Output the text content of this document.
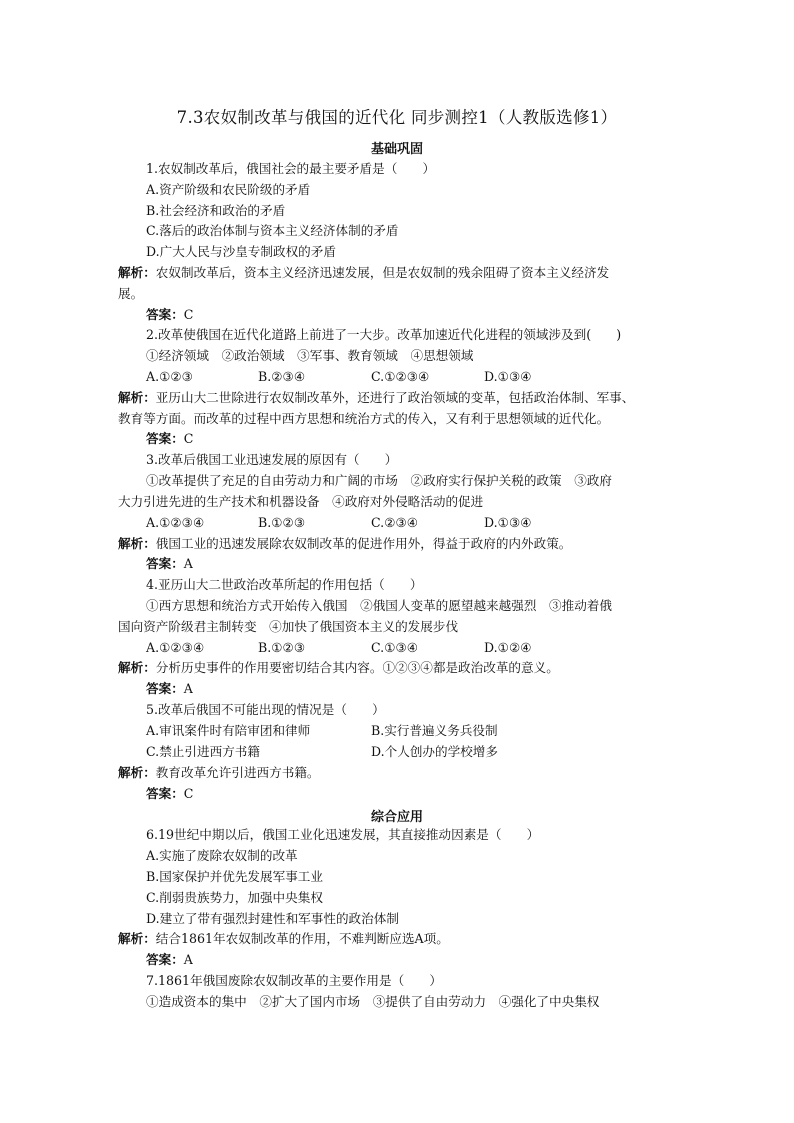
7.3农奴制改革与俄国的近代化 同步测控1（人教版选修1）
基础巩固
1.农奴制改革后，俄国社会的最主要矛盾是（　　）
A.资产阶级和农民阶级的矛盾
B.社会经济和政治的矛盾
C.落后的政治体制与资本主义经济体制的矛盾
D.广大人民与沙皇专制政权的矛盾
解析：农奴制改革后，资本主义经济迅速发展，但是农奴制的残余阻碍了资本主义经济发
展。
答案：C
2.改革使俄国在近代化道路上前进了一大步。改革加速近代化进程的领域涉及到(　　)
①经济领域　②政治领域　③军事、教育领域　④思想领域
A.①②③	B.②③④	C.①②③④	D.①③④
解析：亚历山大二世除进行农奴制改革外，还进行了政治领域的变革，包括政治体制、军事、
教育等方面。而改革的过程中西方思想和统治方式的传入，又有利于思想领域的近代化。
答案：C
3.改革后俄国工业迅速发展的原因有（　　）
①改革提供了充足的自由劳动力和广阔的市场　②政府实行保护关税的政策　③政府
大力引进先进的生产技术和机器设备　④政府对外侵略活动的促进
A.①②③④	B.①②③	C.②③④	D.①③④
解析：俄国工业的迅速发展除农奴制改革的促进作用外，得益于政府的内外政策。
答案：A
4.亚历山大二世政治改革所起的作用包括（　　）
①西方思想和统治方式开始传入俄国　②俄国人变革的愿望越来越强烈　③推动着俄
国向资产阶级君主制转变　④加快了俄国资本主义的发展步伐
A.①②③④	B.①②③	C.①③④	D.①②④
解析：分析历史事件的作用要密切结合其内容。①②③④都是政治改革的意义。
答案：A
5.改革后俄国不可能出现的情况是（　　）
A.审讯案件时有陪审团和律师	B.实行普遍义务兵役制
C.禁止引进西方书籍	D.个人创办的学校增多
解析：教育改革允许引进西方书籍。
答案：C
综合应用
6.19世纪中期以后，俄国工业化迅速发展，其直接推动因素是（　　）
A.实施了废除农奴制的改革
B.国家保护并优先发展军事工业
C.削弱贵族势力，加强中央集权
D.建立了带有强烈封建性和军事性的政治体制
解析：结合1861年农奴制改革的作用，不难判断应选A项。
答案：A
7.1861年俄国废除农奴制改革的主要作用是（　　）
①造成资本的集中　②扩大了国内市场　③提供了自由劳动力　④强化了中央集权
